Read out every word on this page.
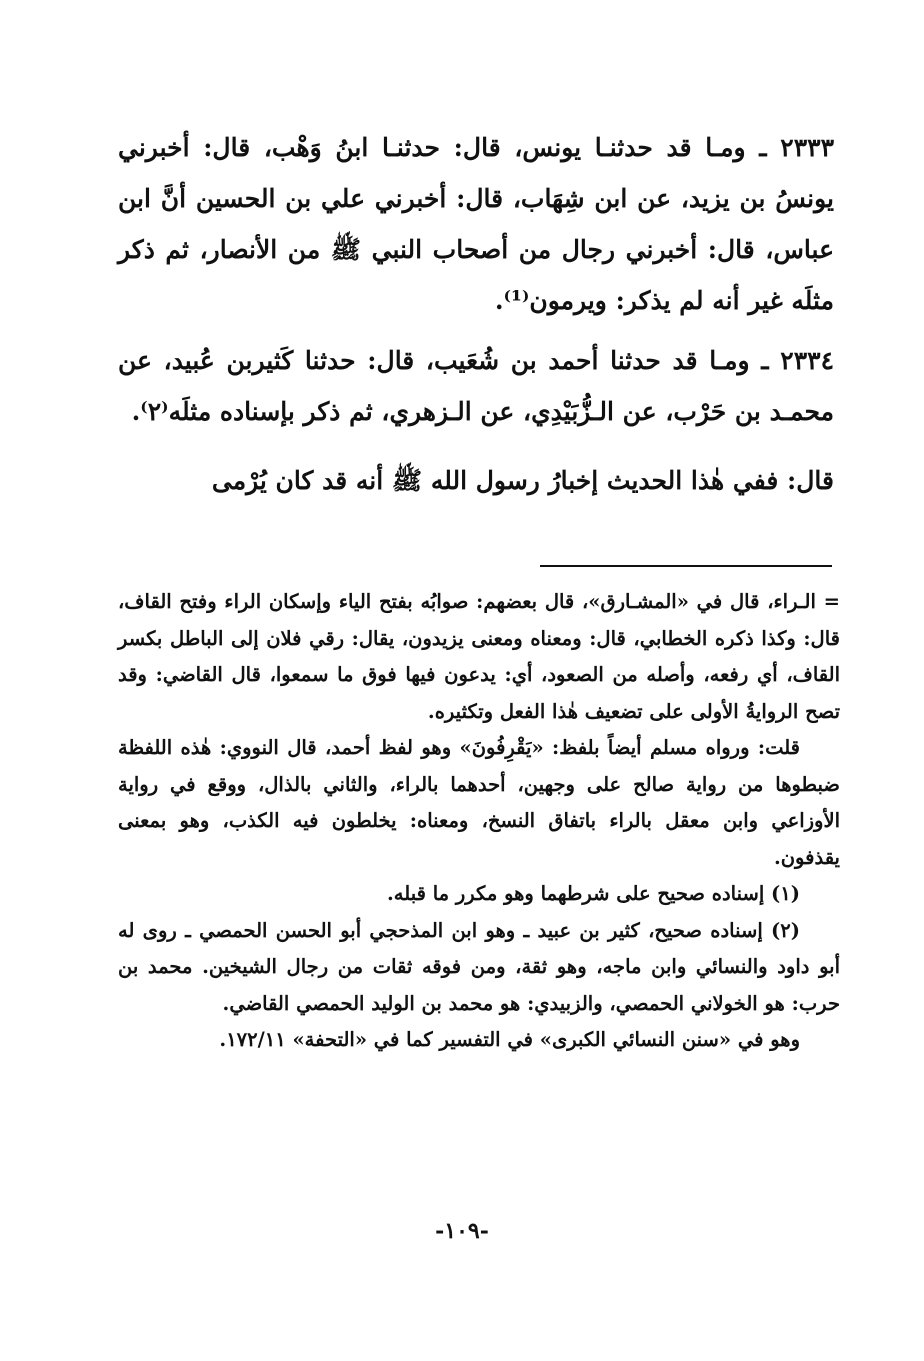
٢٣٣٣ ـ ومـا قد حدثنـا يونس، قال: حدثنـا ابنُ وَهْب، قال: أخبرني يونسُ بن يزيد، عن ابن شِهَاب، قال: أخبرني علي بن الحسين أنَّ ابن عباس، قال: أخبرني رجال من أصحاب النبي ﷺ من الأنصار، ثم ذكر مثلَه غير أنه لم يذكر: ويرمون⁽¹⁾.

٢٣٣٤ ـ ومـا قد حدثنا أحمد بن شُعَيب، قال: حدثنا كَثيربن عُبيد، عن محمـد بن حَرْب، عن الـزُّبَيْدِي، عن الـزهري، ثم ذكر بإسناده مثلَه⁽٢⁾.

قال: ففي هٰذا الحديث إخبارُ رسول الله ﷺ أنه قد كان يُرْمى

= الـراء، قال في «المشـارق»، قال بعضهم: صوابُه بفتح الياء وإسكان الراء وفتح القاف، قال: وكذا ذكره الخطابي، قال: ومعناه ومعنى يزيدون، يقال: رقي فلان إلى الباطل بكسر القاف، أي رفعه، وأصله من الصعود، أي: يدعون فيها فوق ما سمعوا، قال القاضي: وقد تصح الروايةُ الأولى على تضعيف هٰذا الفعل وتكثيره.

قلت: ورواه مسلم أيضاً بلفظ: «يَقْرِفُونَ» وهو لفظ أحمد، قال النووي: هٰذه اللفظة ضبطوها من رواية صالح على وجهين، أحدهما بالراء، والثاني بالذال، ووقع في رواية الأوزاعي وابن معقل بالراء باتفاق النسخ، ومعناه: يخلطون فيه الكذب، وهو بمعنى يقذفون.

(١) إسناده صحيح على شرطهما وهو مكرر ما قبله.

(٢) إسناده صحيح، كثير بن عبيد ـ وهو ابن المذحجي أبو الحسن الحمصي ـ روى له أبو داود والنسائي وابن ماجه، وهو ثقة، ومن فوقه ثقات من رجال الشيخين. محمد بن حرب: هو الخولاني الحمصي، والزبيدي: هو محمد بن الوليد الحمصي القاضي.

وهو في «سنن النسائي الكبرى» في التفسير كما في «التحفة» ١٧٢/١١.

-١٠٩-
